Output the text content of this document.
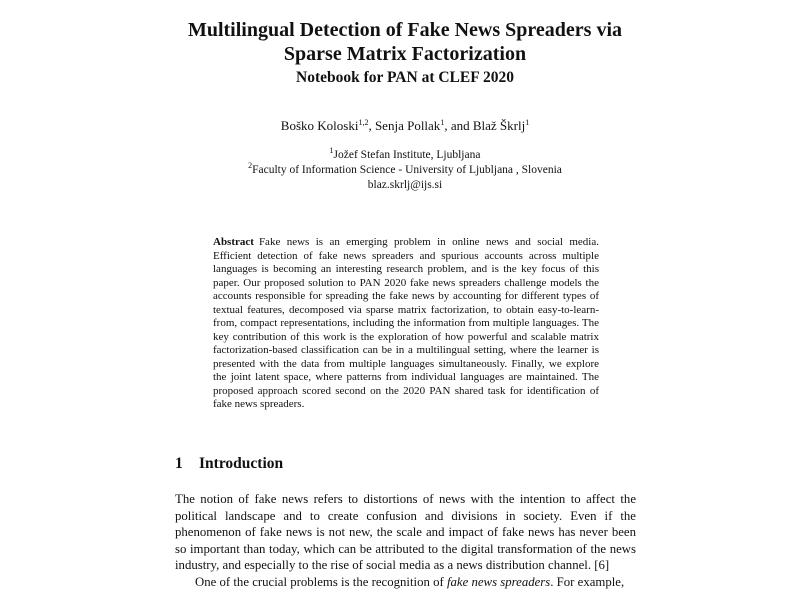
Multilingual Detection of Fake News Spreaders via
Sparse Matrix Factorization
Notebook for PAN at CLEF 2020
Boško Koloski$^{1,2}$, Senja Pollak$^1$, and Blaž Škrlj$^1$
$^1$Jožef Stefan Institute, Ljubljana
$^2$Faculty of Information Science - University of Ljubljana , Slovenia
blaz.skrlj@ijs.si
Abstract Fake news is an emerging problem in online news and social media. Efficient detection of fake news spreaders and spurious accounts across multiple languages is becoming an interesting research problem, and is the key focus of this paper. Our proposed solution to PAN 2020 fake news spreaders challenge models the accounts responsible for spreading the fake news by accounting for different types of textual features, decomposed via sparse matrix factorization, to obtain easy-to-learn-from, compact representations, including the information from multiple languages. The key contribution of this work is the exploration of how powerful and scalable matrix factorization-based classification can be in a multilingual setting, where the learner is presented with the data from multiple languages simultaneously. Finally, we explore the joint latent space, where patterns from individual languages are maintained. The proposed approach scored second on the 2020 PAN shared task for identification of fake news spreaders.
1 Introduction

The notion of fake news refers to distortions of news with the intention to affect the political landscape and to create confusion and divisions in society. Even if the phenomenon of fake news is not new, the scale and impact of fake news has never been so important than today, which can be attributed to the digital transformation of the news industry, and especially to the rise of social media as a news distribution channel. [6]

One of the crucial problems is the recognition of fake news spreaders. For example,
